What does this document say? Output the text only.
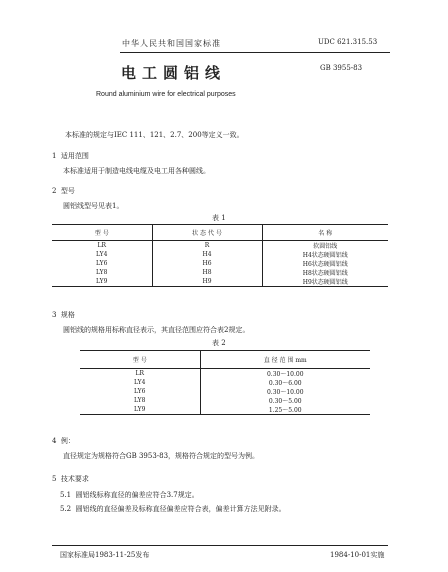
中华人民共和国国家标准	UDC 621.315.53
电工圆铝线	GB 3955-83
Round aluminium wire for electrical purposes
本标准的规定与IEC 111、121、2.7、200等定义一致。
1 适用范围
本标准适用于制造电线电缆及电工用各种圆线。
2 型号
圆铝线型号见表1。
表 1
型 号	状 态 代 号	名 称
LR	R	软圆铝线
LY4	H4	H4状态硬圆铝线
LY6	H6	H6状态硬圆铝线
LY8	H8	H8状态硬圆铝线
LY9	H9	H9状态硬圆铝线
3 规格
圆铝线的规格用标称直径表示，其直径范围应符合表2规定。
表 2
型 号	直 径 范 围 mm
LR	0.30～10.00
LY4	0.30～6.00
LY6	0.30～10.00
LY8	0.30～5.00
LY9	1.25～5.00
4 例：
直径规定为规格符合GB 3953-83，规格符合规定的型号为例。
5 技术要求
5.1 圆铝线标称直径的偏差应符合3.7规定。
5.2 圆铝线的直径偏差及标称直径偏差应符合表，偏差计算方法见附录。
国家标准局1983-11-25发布	1984-10-01实施
